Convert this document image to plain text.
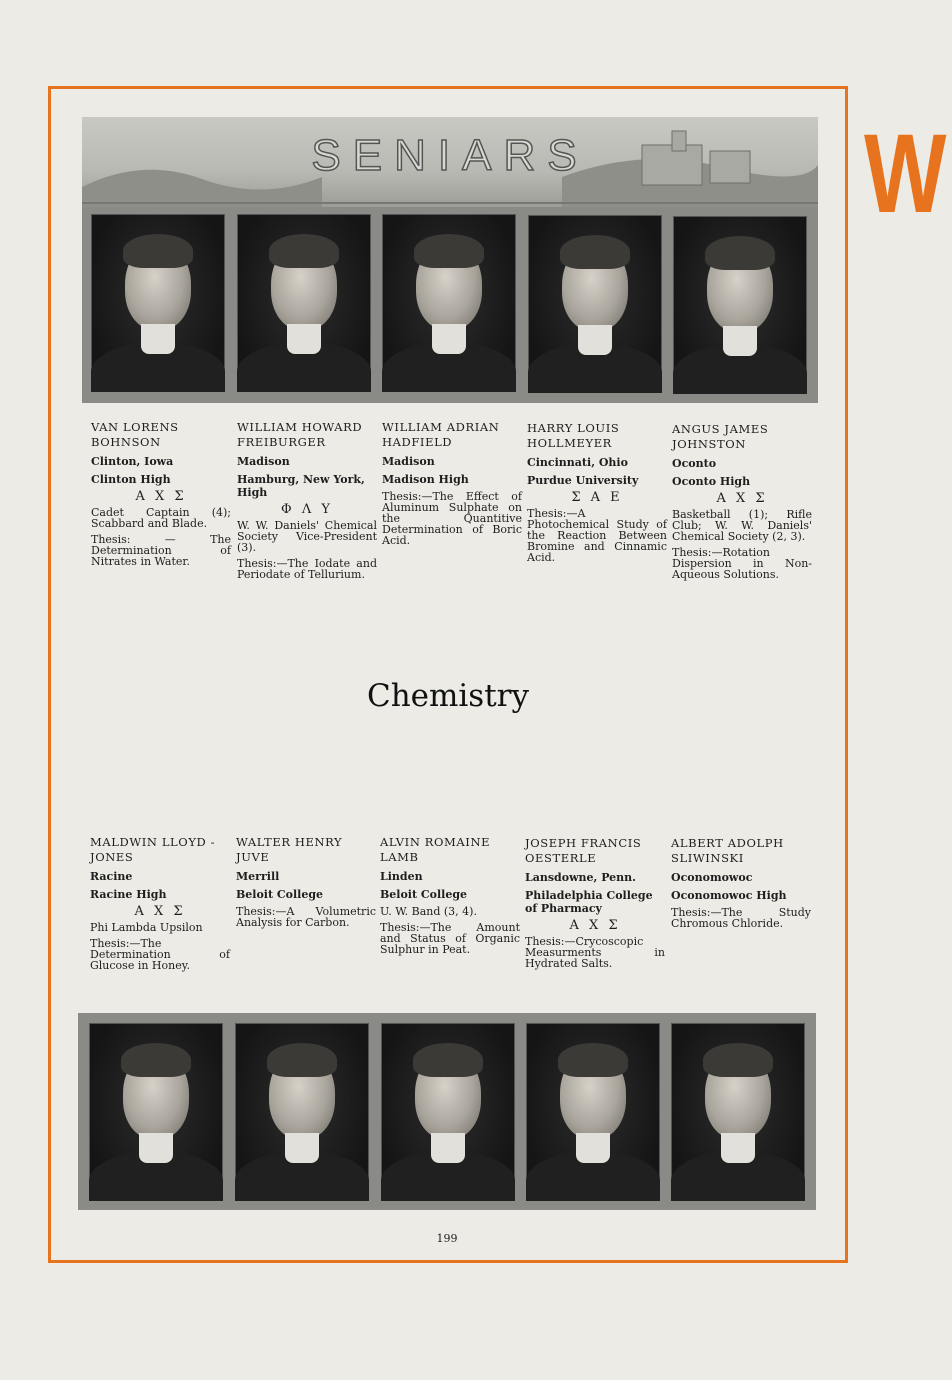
W
SENIARS
VAN LORENS BOHNSON
Clinton, Iowa
Clinton High
Α Χ Σ
Cadet Captain (4); Scabbard and Blade.
Thesis: — The Determination of Nitrates in Water.
WILLIAM HOWARD FREIBURGER
Madison
Hamburg, New York, High
Φ Λ Υ
W. W. Daniels' Chemical Society Vice-President (3).
Thesis:—The Iodate and Periodate of Tellurium.
WILLIAM ADRIAN HADFIELD
Madison
Madison High
Thesis:—The Effect of Aluminum Sulphate on the Quantitive Determination of Boric Acid.
HARRY LOUIS HOLLMEYER
Cincinnati, Ohio
Purdue University
Σ Α Ε
Thesis:—A Photochemical Study of the Reaction Between Bromine and Cinnamic Acid.
ANGUS JAMES JOHNSTON
Oconto
Oconto High
Α Χ Σ
Basketball (1); Rifle Club; W. W. Daniels' Chemical Society (2, 3).
Thesis:—Rotation Dispersion in Non-Aqueous Solutions.
Chemistry
MALDWIN LLOYD - JONES
Racine
Racine High
Α Χ Σ
Phi Lambda Upsilon
Thesis:—The Determination of Glucose in Honey.
WALTER HENRY JUVE
Merrill
Beloit College
Thesis:—A Volumetric Analysis for Carbon.
ALVIN ROMAINE LAMB
Linden
Beloit College
U. W. Band (3, 4).
Thesis:—The Amount and Status of Organic Sulphur in Peat.
JOSEPH FRANCIS OESTERLE
Lansdowne, Penn.
Philadelphia College of Pharmacy
Α Χ Σ
Thesis:—Crycoscopic Measurments in Hydrated Salts.
ALBERT ADOLPH SLIWINSKI
Oconomowoc
Oconomowoc High
Thesis:—The Study Chromous Chloride.
199
